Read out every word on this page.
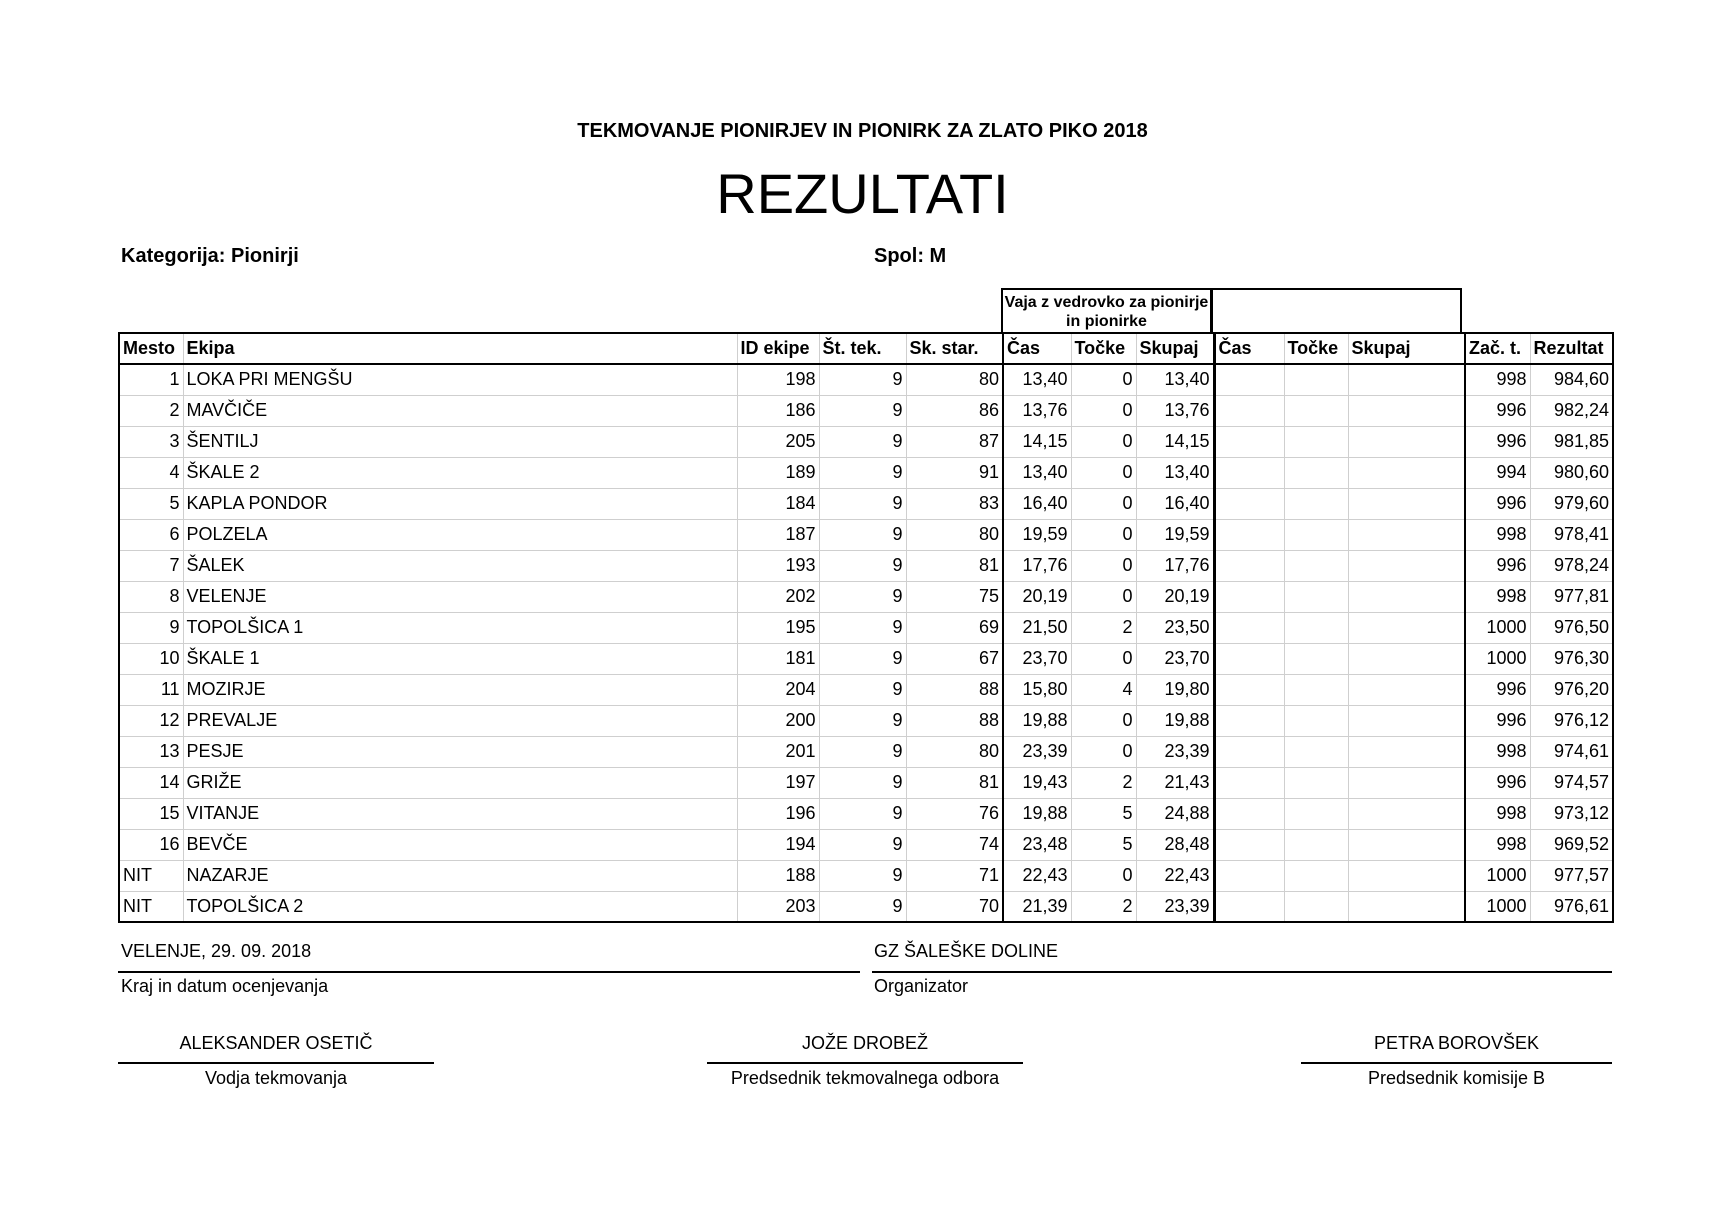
TEKMOVANJE PIONIRJEV IN PIONIRK ZA ZLATO PIKO 2018
REZULTATI
Kategorija: Pionirji	Spol: M
Vaja z vedrovko za pionirje in pionirke
Mesto	Ekipa	ID ekipe	Št. tek.	Sk. star.	Čas	Točke	Skupaj	Čas	Točke	Skupaj	Zač. t.	Rezultat
1	LOKA PRI MENGŠU	198	9	80	13,40	0	13,40				998	984,60
2	MAVČIČE	186	9	86	13,76	0	13,76				996	982,24
3	ŠENTILJ	205	9	87	14,15	0	14,15				996	981,85
4	ŠKALE 2	189	9	91	13,40	0	13,40				994	980,60
5	KAPLA PONDOR	184	9	83	16,40	0	16,40				996	979,60
6	POLZELA	187	9	80	19,59	0	19,59				998	978,41
7	ŠALEK	193	9	81	17,76	0	17,76				996	978,24
8	VELENJE	202	9	75	20,19	0	20,19				998	977,81
9	TOPOLŠICA 1	195	9	69	21,50	2	23,50				1000	976,50
10	ŠKALE 1	181	9	67	23,70	0	23,70				1000	976,30
11	MOZIRJE	204	9	88	15,80	4	19,80				996	976,20
12	PREVALJE	200	9	88	19,88	0	19,88				996	976,12
13	PESJE	201	9	80	23,39	0	23,39				998	974,61
14	GRIŽE	197	9	81	19,43	2	21,43				996	974,57
15	VITANJE	196	9	76	19,88	5	24,88				998	973,12
16	BEVČE	194	9	74	23,48	5	28,48				998	969,52
NIT	NAZARJE	188	9	71	22,43	0	22,43				1000	977,57
NIT	TOPOLŠICA 2	203	9	70	21,39	2	23,39				1000	976,61
VELENJE, 29. 09. 2018
Kraj in datum ocenjevanja
GZ ŠALEŠKE DOLINE
Organizator
ALEKSANDER OSETIČ
Vodja tekmovanja
JOŽE DROBEŽ
Predsednik tekmovalnega odbora
PETRA BOROVŠEK
Predsednik komisije B
